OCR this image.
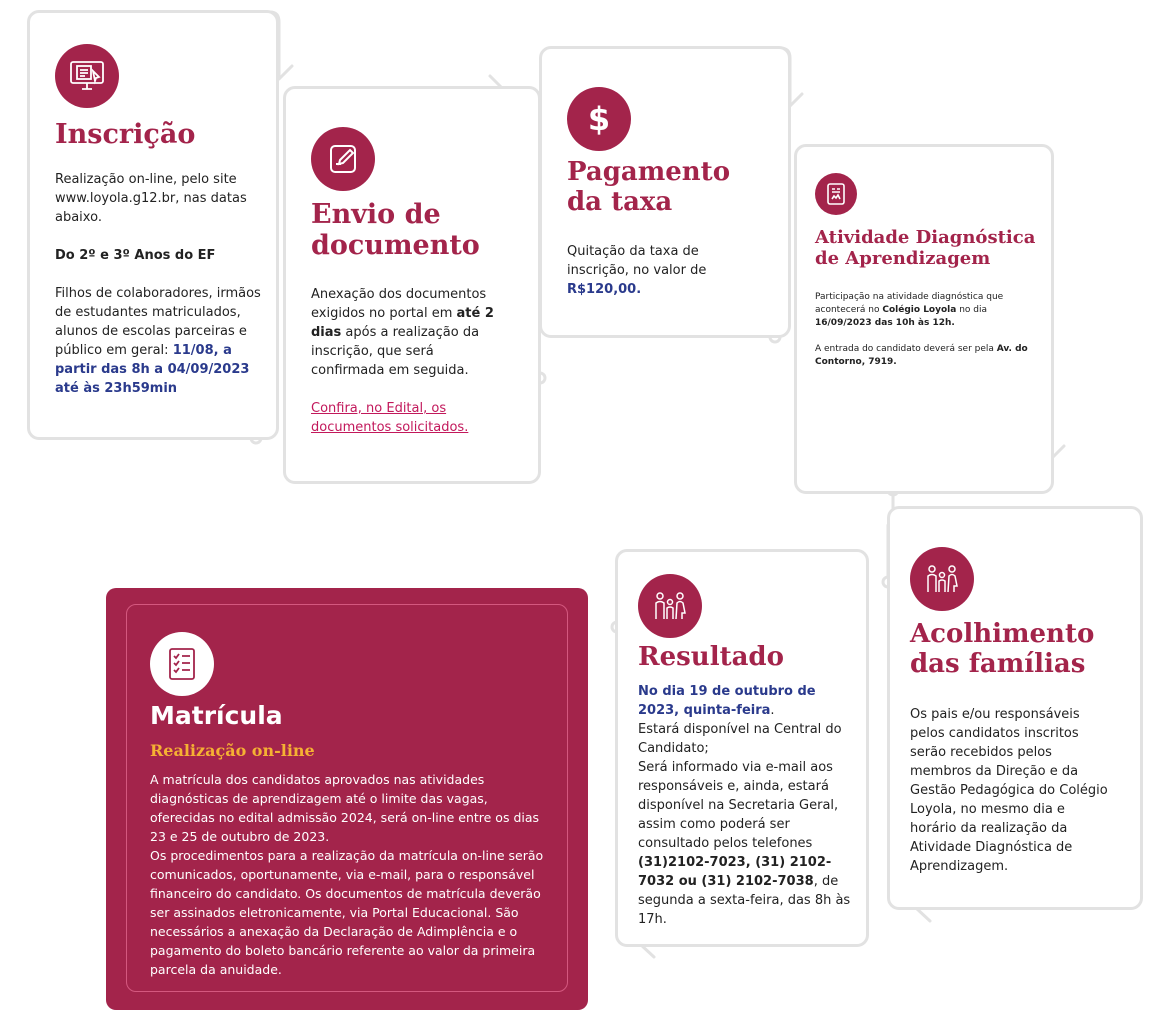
Inscrição

Realização on-line, pelo site www.loyola.g12.br, nas datas abaixo.

Do 2º e 3º Anos do EF

Filhos de colaboradores, irmãos de estudantes matriculados, alunos de escolas parceiras e público em geral: 11/08, a partir das 8h a 04/09/2023 até às 23h59min

Envio de documento

Anexação dos documentos exigidos no portal em até 2 dias após a realização da inscrição, que será confirmada em seguida.

Confira, no Edital, os documentos solicitados.

$
Pagamento da taxa

Quitação da taxa de inscrição, no valor de

R$120,00.

Atividade Diagnóstica de Aprendizagem

Participação na atividade diagnóstica que acontecerá no Colégio Loyola no dia 16/09/2023 das 10h às 12h.

A entrada do candidato deverá ser pela Av. do Contorno, 7919.

Acolhimento das famílias
Os pais e/ou responsáveis pelos candidatos inscritos serão recebidos pelos membros da Direção e da Gestão Pedagógica do Colégio Loyola, no mesmo dia e horário da realização da Atividade Diagnóstica de Aprendizagem.
Resultado

No dia 19 de outubro de 2023, quinta-feira.

Estará disponível na Central do Candidato;

Será informado via e-mail aos responsáveis e, ainda, estará disponível na Secretaria Geral, assim como poderá ser consultado pelos telefones (31)2102-7023, (31) 2102-7032 ou (31) 2102-7038, de segunda a sexta-feira, das 8h às 17h.

Matrícula
Realização on-line

A matrícula dos candidatos aprovados nas atividades diagnósticas de aprendizagem até o limite das vagas, oferecidas no edital admissão 2024, será on-line entre os dias 23 e 25 de outubro de 2023.

Os procedimentos para a realização da matrícula on-line serão comunicados, oportunamente, via e-mail, para o responsável financeiro do candidato. Os documentos de matrícula deverão ser assinados eletronicamente, via Portal Educacional. São necessários a anexação da Declaração de Adimplência e o pagamento do boleto bancário referente ao valor da primeira parcela da anuidade.
